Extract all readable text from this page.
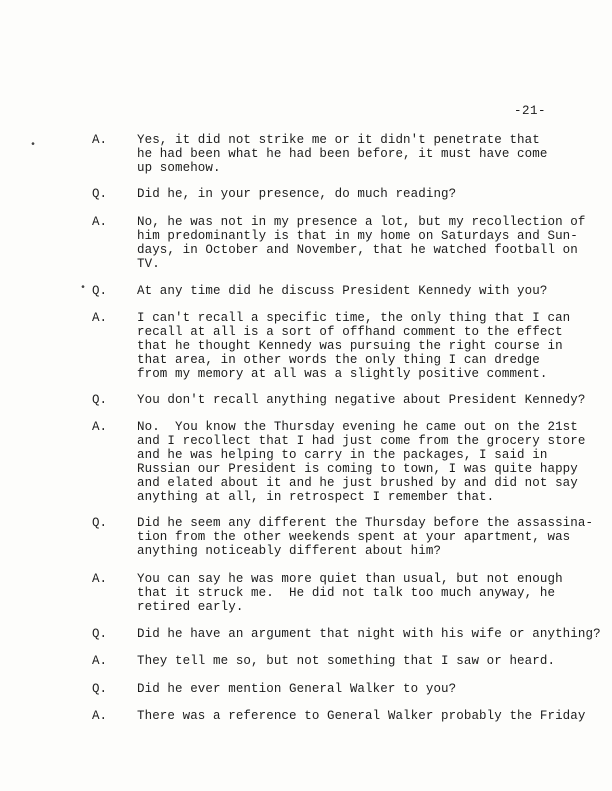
-21-
•
•
A. Yes, it did not strike me or it didn't penetrate that
he had been what he had been before, it must have come
up somehow.
Q. Did he, in your presence, do much reading?
A. No, he was not in my presence a lot, but my recollection of
him predominantly is that in my home on Saturdays and Sun-
days, in October and November, that he watched football on
TV.
Q. At any time did he discuss President Kennedy with you?
A. I can't recall a specific time, the only thing that I can
recall at all is a sort of offhand comment to the effect
that he thought Kennedy was pursuing the right course in
that area, in other words the only thing I can dredge
from my memory at all was a slightly positive comment.
Q. You don't recall anything negative about President Kennedy?
A. No.  You know the Thursday evening he came out on the 21st
and I recollect that I had just come from the grocery store
and he was helping to carry in the packages, I said in
Russian our President is coming to town, I was quite happy
and elated about it and he just brushed by and did not say
anything at all, in retrospect I remember that.
Q. Did he seem any different the Thursday before the assassina-
tion from the other weekends spent at your apartment, was
anything noticeably different about him?
A. You can say he was more quiet than usual, but not enough
that it struck me.  He did not talk too much anyway, he
retired early.
Q. Did he have an argument that night with his wife or anything?
A. They tell me so, but not something that I saw or heard.
Q. Did he ever mention General Walker to you?
A. There was a reference to General Walker probably the Friday
